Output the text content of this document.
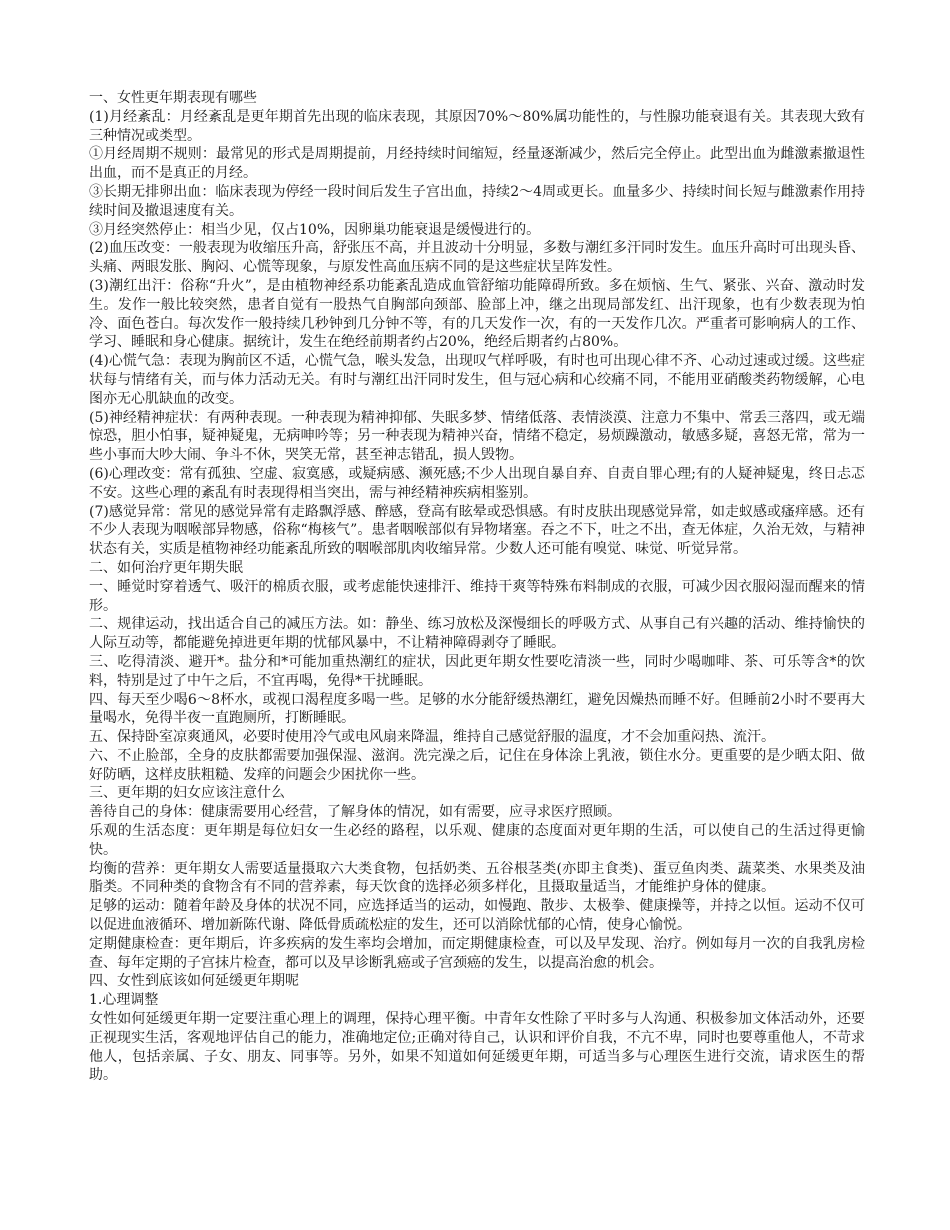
一、女性更年期表现有哪些

(1)月经紊乱：月经紊乱是更年期首先出现的临床表现，其原因70%～80%属功能性的，与性腺功能衰退有关。其表现大致有三种情况或类型。

①月经周期不规则：最常见的形式是周期提前，月经持续时间缩短，经量逐渐减少，然后完全停止。此型出血为雌激素撤退性出血，而不是真正的月经。

③长期无排卵出血：临床表现为停经一段时间后发生子宫出血，持续2～4周或更长。血量多少、持续时间长短与雌激素作用持续时间及撤退速度有关。

③月经突然停止：相当少见，仅占10%，因卵巢功能衰退是缓慢进行的。

(2)血压改变：一般表现为收缩压升高，舒张压不高，并且波动十分明显，多数与潮红多汗同时发生。血压升高时可出现头昏、头痛、两眼发胀、胸闷、心慌等现象，与原发性高血压病不同的是这些症状呈阵发性。

(3)潮红出汗：俗称“升火”，是由植物神经系功能紊乱造成血管舒缩功能障碍所致。多在烦恼、生气、紧张、兴奋、激动时发生。发作一般比较突然，患者自觉有一股热气自胸部向颈部、脸部上冲，继之出现局部发红、出汗现象，也有少数表现为怕冷、面色苍白。每次发作一般持续几秒钟到几分钟不等，有的几天发作一次，有的一天发作几次。严重者可影响病人的工作、学习、睡眠和身心健康。据统计，发生在绝经前期者约占20%，绝经后期者约占80%。

(4)心慌气急：表现为胸前区不适，心慌气急，喉头发急，出现叹气样呼吸，有时也可出现心律不齐、心动过速或过缓。这些症状每与情绪有关，而与体力活动无关。有时与潮红出汗同时发生，但与冠心病和心绞痛不同，不能用亚硝酸类药物缓解，心电图亦无心肌缺血的改变。

(5)神经精神症状：有两种表现。一种表现为精神抑郁、失眠多梦、情绪低落、表情淡漠、注意力不集中、常丢三落四，或无端惊恐，胆小怕事，疑神疑鬼，无病呻吟等；另一种表现为精神兴奋，情绪不稳定，易烦躁激动，敏感多疑，喜怒无常，常为一些小事而大吵大闹、争斗不休，哭笑无常，甚至神志错乱，损人毁物。

(6)心理改变：常有孤独、空虚、寂寞感，或疑病感、濒死感;不少人出现自暴自弃、自责自罪心理;有的人疑神疑鬼，终日忐忑不安。这些心理的紊乱有时表现得相当突出，需与神经精神疾病相鉴别。

(7)感觉异常：常见的感觉异常有走路飘浮感、醉感，登高有眩晕或恐惧感。有时皮肤出现感觉异常，如走蚁感或瘙痒感。还有不少人表现为咽喉部异物感，俗称“梅核气”。患者咽喉部似有异物堵塞。吞之不下，吐之不出，查无体症，久治无效，与精神状态有关，实质是植物神经功能紊乱所致的咽喉部肌肉收缩异常。少数人还可能有嗅觉、味觉、听觉异常。

二、如何治疗更年期失眠

一、睡觉时穿着透气、吸汗的棉质衣服，或考虑能快速排汗、维持干爽等特殊布料制成的衣服，可减少因衣服闷湿而醒来的情形。

二、规律运动，找出适合自己的减压方法。如：静坐、练习放松及深慢细长的呼吸方式、从事自己有兴趣的活动、维持愉快的人际互动等，都能避免掉进更年期的忧郁风暴中，不让精神障碍剥夺了睡眠。

三、吃得清淡、避开*。盐分和*可能加重热潮红的症状，因此更年期女性要吃清淡一些，同时少喝咖啡、茶、可乐等含*的饮料，特别是过了中午之后，不宜再喝，免得*干扰睡眠。

四、每天至少喝6～8杯水，或视口渴程度多喝一些。足够的水分能舒缓热潮红，避免因燥热而睡不好。但睡前2小时不要再大量喝水，免得半夜一直跑厕所，打断睡眠。

五、保持卧室凉爽通风，必要时使用冷气或电风扇来降温，维持自己感觉舒服的温度，才不会加重闷热、流汗。

六、不止脸部，全身的皮肤都需要加强保湿、滋润。洗完澡之后，记住在身体涂上乳液，锁住水分。更重要的是少晒太阳、做好防晒，这样皮肤粗糙、发痒的问题会少困扰你一些。

三、更年期的妇女应该注意什么

善待自己的身体：健康需要用心经营，了解身体的情况，如有需要，应寻求医疗照顾。

乐观的生活态度：更年期是每位妇女一生必经的路程，以乐观、健康的态度面对更年期的生活，可以使自己的生活过得更愉快。

均衡的营养：更年期女人需要适量摄取六大类食物，包括奶类、五谷根茎类(亦即主食类)、蛋豆鱼肉类、蔬菜类、水果类及油脂类。不同种类的食物含有不同的营养素，每天饮食的选择必须多样化，且摄取量适当，才能维护身体的健康。

足够的运动：随着年龄及身体的状况不同，应选择适当的运动，如慢跑、散步、太极拳、健康操等，并持之以恒。运动不仅可以促进血液循环、增加新陈代谢、降低骨质疏松症的发生，还可以消除忧郁的心情，使身心愉悦。

定期健康检查：更年期后，许多疾病的发生率均会增加，而定期健康检查，可以及早发现、治疗。例如每月一次的自我乳房检查、每年定期的子宫抹片检查，都可以及早诊断乳癌或子宫颈癌的发生，以提高治愈的机会。

四、女性到底该如何延缓更年期呢

1.心理调整

女性如何延缓更年期一定要注重心理上的调理，保持心理平衡。中青年女性除了平时多与人沟通、积极参加文体活动外，还要正视现实生活，客观地评估自己的能力，准确地定位;正确对待自己，认识和评价自我，不亢不卑，同时也要尊重他人，不苛求他人，包括亲属、子女、朋友、同事等。另外，如果不知道如何延缓更年期，可适当多与心理医生进行交流，请求医生的帮助。
